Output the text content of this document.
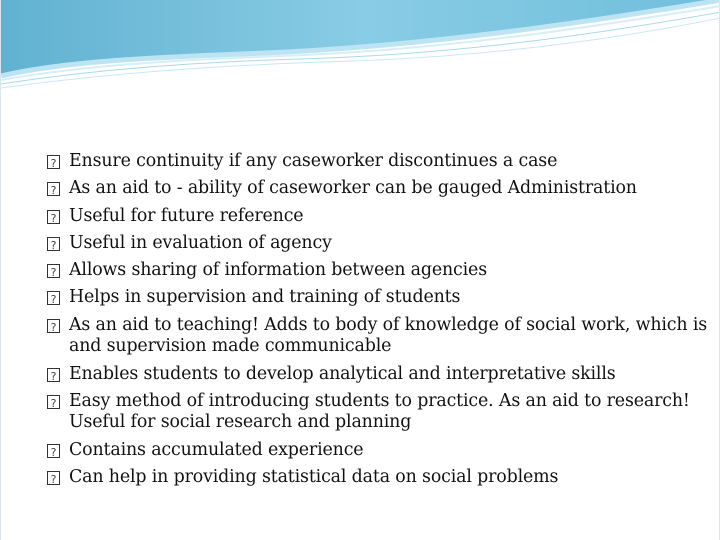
?
Ensure continuity if any caseworker discontinues a case
?
As an aid to - ability of caseworker can be gauged Administration
?
Useful for future reference
?
Useful in evaluation of agency
?
Allows sharing of information between agencies
?
Helps in supervision and training of students
?
As an aid to teaching! Adds to body of knowledge of social work, which is and supervision made communicable
?
Enables students to develop analytical and interpretative skills
?
Easy method of introducing students to practice. As an aid to research! Useful for social research and planning
?
Contains accumulated experience
?
Can help in providing statistical data on social problems
